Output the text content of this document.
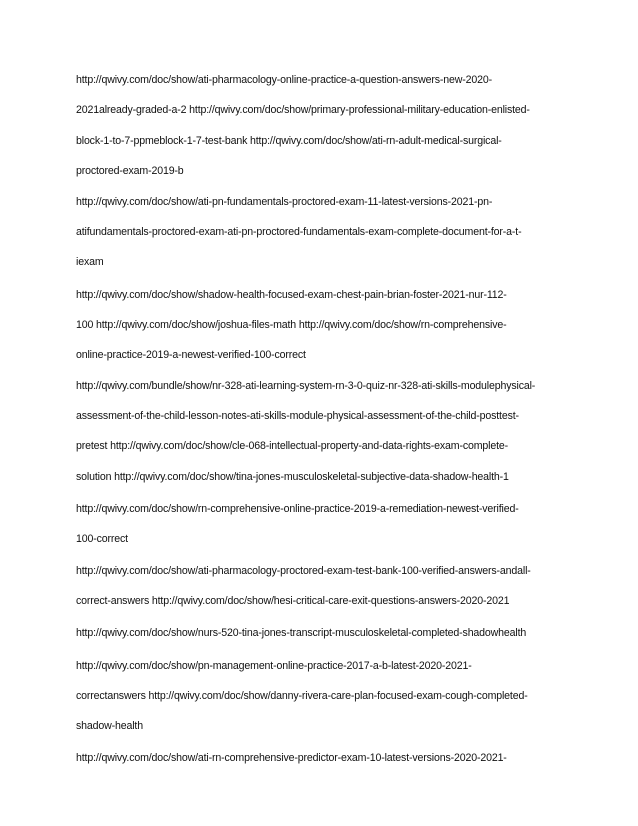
http://qwivy.com/doc/show/ati-pharmacology-online-practice-a-question-answers-new-2020-
2021already-graded-a-2 http://qwivy.com/doc/show/primary-professional-military-education-enlisted-
block-1-to-7-ppmeblock-1-7-test-bank http://qwivy.com/doc/show/ati-rn-adult-medical-surgical-
proctored-exam-2019-b
http://qwivy.com/doc/show/ati-pn-fundamentals-proctored-exam-11-latest-versions-2021-pn-
atifundamentals-proctored-exam-ati-pn-proctored-fundamentals-exam-complete-document-for-a-t-
iexam
http://qwivy.com/doc/show/shadow-health-focused-exam-chest-pain-brian-foster-2021-nur-112-
100 http://qwivy.com/doc/show/joshua-files-math http://qwivy.com/doc/show/rn-comprehensive-
online-practice-2019-a-newest-verified-100-correct
http://qwivy.com/bundle/show/nr-328-ati-learning-system-rn-3-0-quiz-nr-328-ati-skills-modulephysical-
assessment-of-the-child-lesson-notes-ati-skills-module-physical-assessment-of-the-child-posttest-
pretest http://qwivy.com/doc/show/cle-068-intellectual-property-and-data-rights-exam-complete-
solution http://qwivy.com/doc/show/tina-jones-musculoskeletal-subjective-data-shadow-health-1
http://qwivy.com/doc/show/rn-comprehensive-online-practice-2019-a-remediation-newest-verified-
100-correct
http://qwivy.com/doc/show/ati-pharmacology-proctored-exam-test-bank-100-verified-answers-andall-
correct-answers http://qwivy.com/doc/show/hesi-critical-care-exit-questions-answers-2020-2021
http://qwivy.com/doc/show/nurs-520-tina-jones-transcript-musculoskeletal-completed-shadowhealth
http://qwivy.com/doc/show/pn-management-online-practice-2017-a-b-latest-2020-2021-
correctanswers http://qwivy.com/doc/show/danny-rivera-care-plan-focused-exam-cough-completed-
shadow-health
http://qwivy.com/doc/show/ati-rn-comprehensive-predictor-exam-10-latest-versions-2020-2021-
